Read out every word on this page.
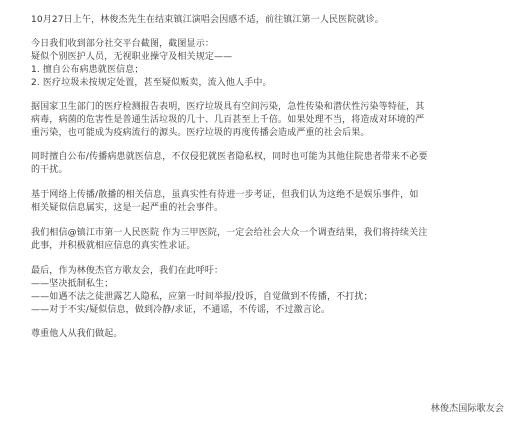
10月27日上午，林俊杰先生在结束镇江演唱会因感不适，前往镇江第一人民医院就诊。
今日我们收到部分社交平台截图，截图显示：
疑似个别医护人员，无视职业操守及相关规定——
1. 擅自公布病患就医信息；
2. 医疗垃圾未按规定处置，甚至疑似贩卖，流入他人手中。
据国家卫生部门的医疗检测报告表明，医疗垃圾具有空间污染，急性传染和潜伏性污染等特征，其
病毒，病菌的危害性是普通生活垃圾的几十、几百甚至上千倍。如果处理不当，将造成对环境的严
重污染，也可能成为疫病流行的源头。医疗垃圾的再度传播会造成严重的社会后果。
同时擅自公布/传播病患就医信息，不仅侵犯就医者隐私权，同时也可能为其他住院患者带来不必要
的干扰。
基于网络上传播/散播的相关信息，虽真实性有待进一步考证，但我们认为这绝不是娱乐事件，如
相关疑似信息属实，这是一起严重的社会事件。
我们相信@镇江市第一人民医院 作为三甲医院，一定会给社会大众一个调查结果，我们将持续关注
此事，并积极就相应信息的真实性求证。
最后，作为林俊杰官方歌友会，我们在此呼吁：
——坚决抵制私生；
——如遇不法之徒泄露艺人隐私，应第一时间举报/投诉，自觉做到不传播，不打扰；
——对于不实/疑似信息，做到冷静/求证，不通谣，不传谣，不过激言论。
尊重他人从我们做起。
林俊杰国际歌友会
